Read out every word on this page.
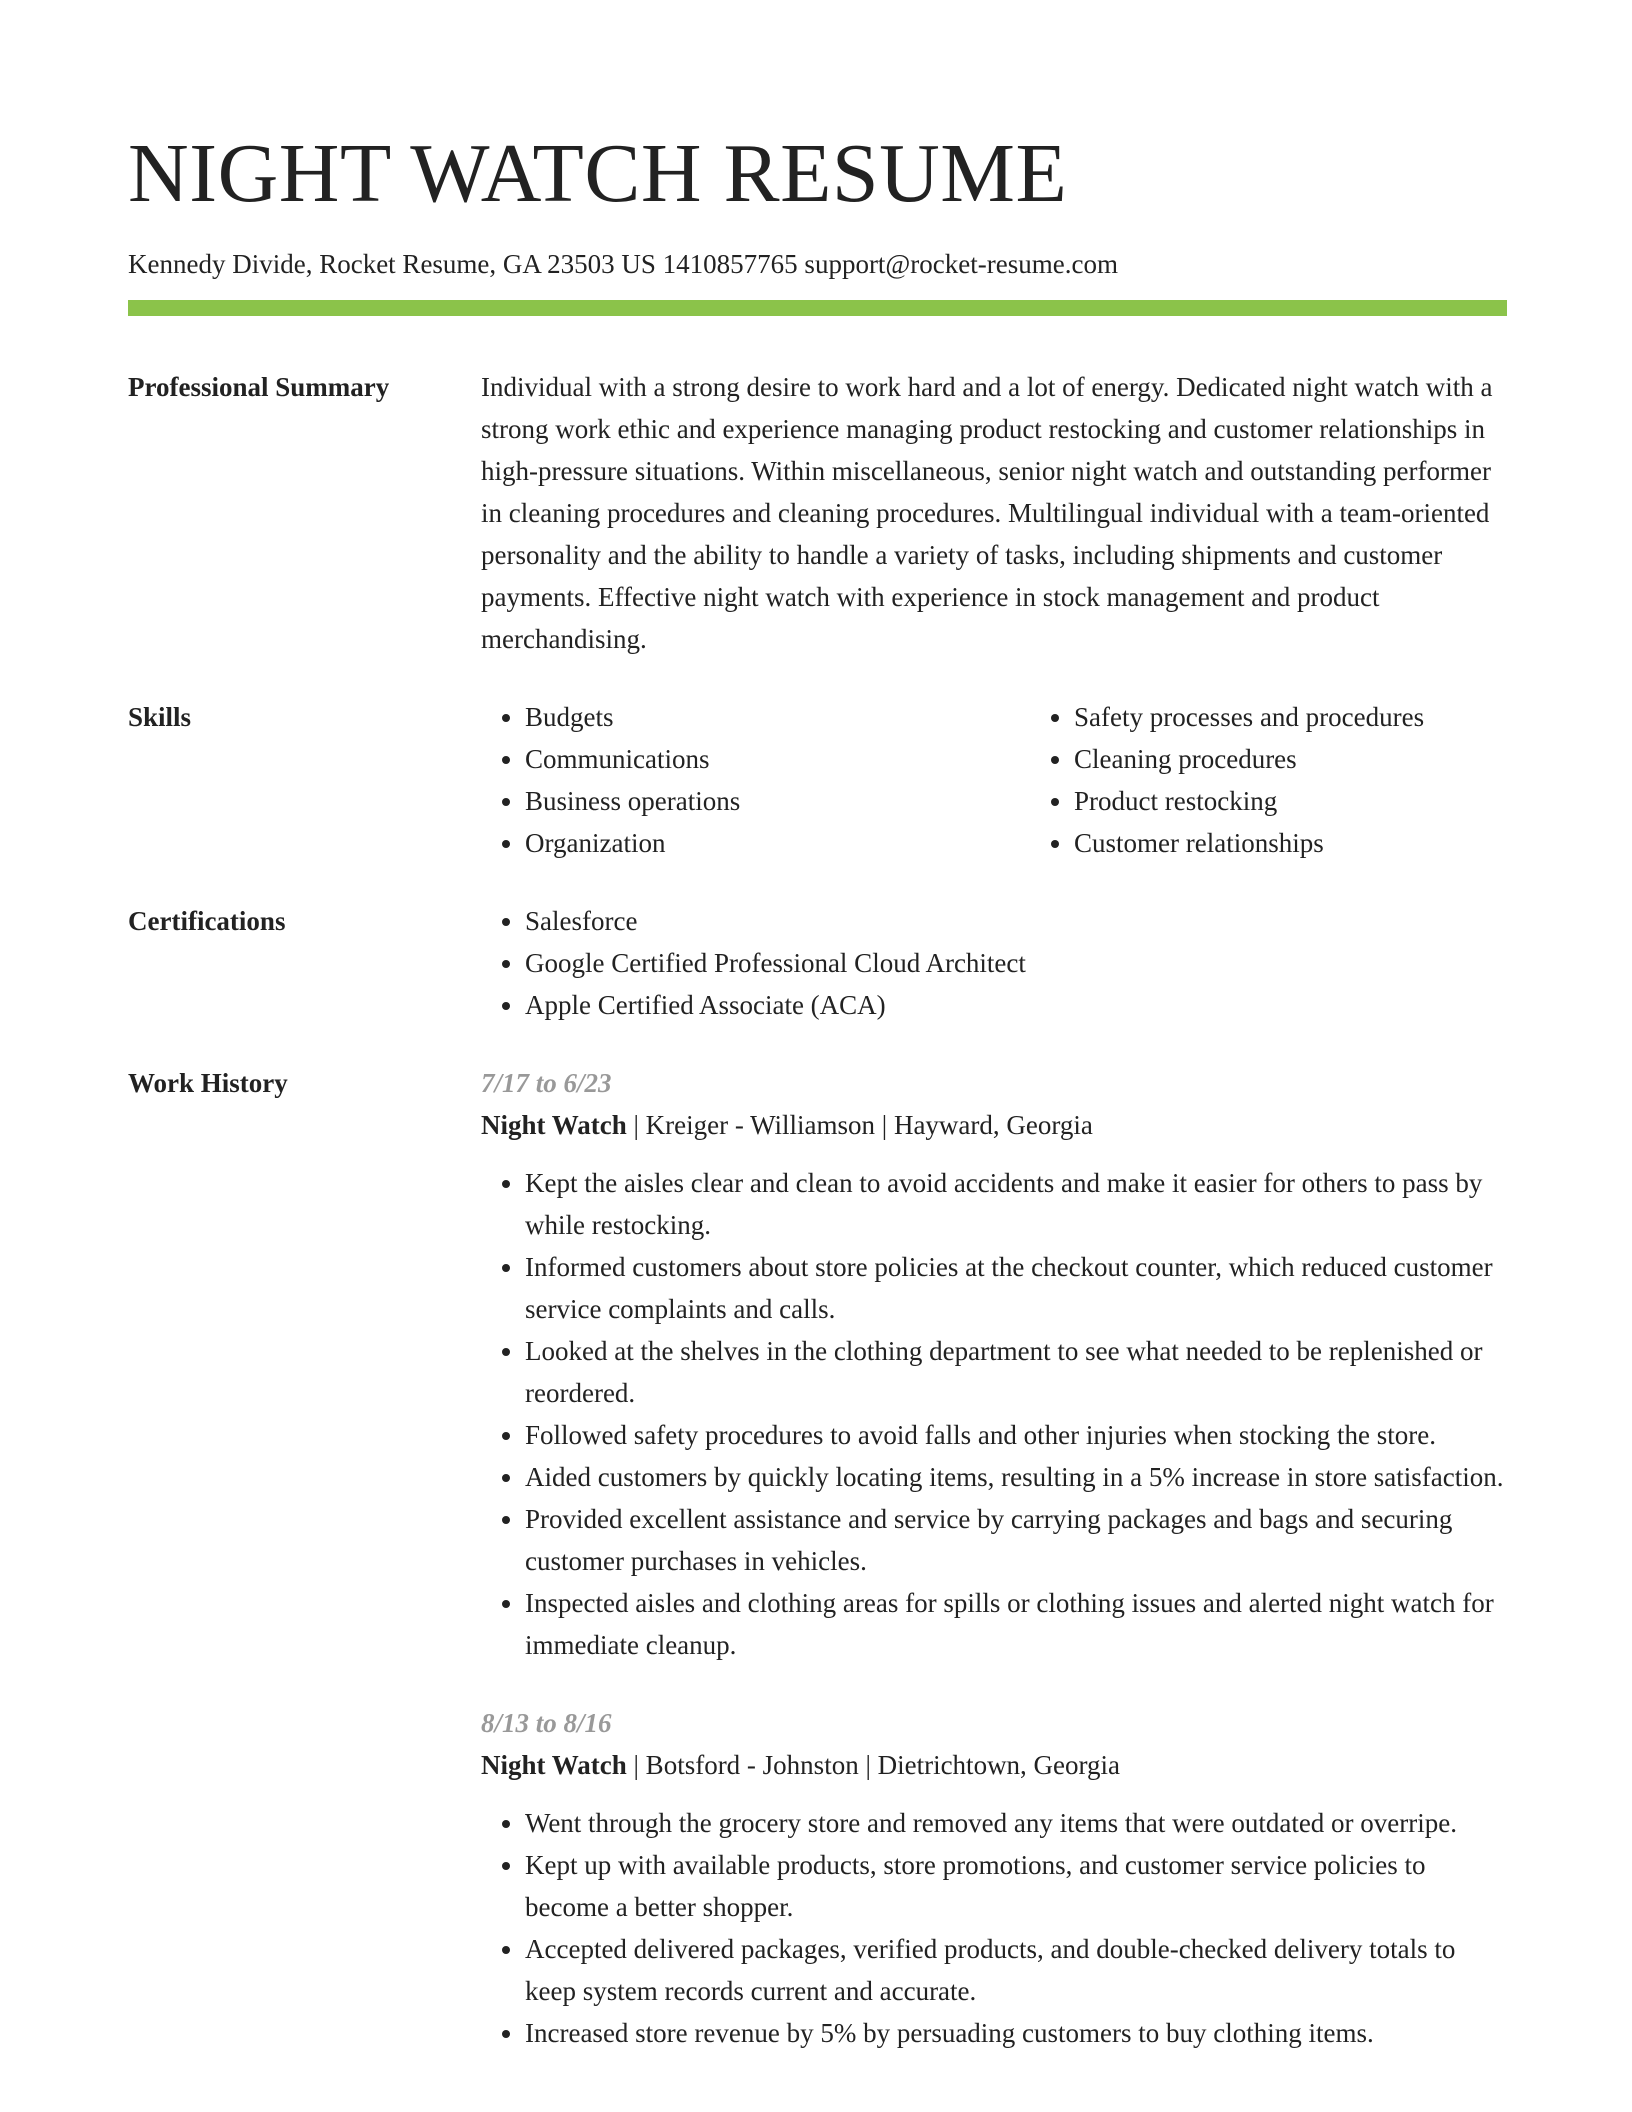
NIGHT WATCH RESUME
Kennedy Divide, Rocket Resume, GA 23503 US 1410857765 support@rocket-resume.com
Professional Summary	Individual with a strong desire to work hard and a lot of energy. Dedicated night watch with a strong work ethic and experience managing product restocking and customer relationships in high-pressure situations. Within miscellaneous, senior night watch and outstanding performer in cleaning procedures and cleaning procedures. Multilingual individual with a team-oriented personality and the ability to handle a variety of tasks, including shipments and customer payments. Effective night watch with experience in stock management and product merchandising.

Skills	• Budgets
• Communications
• Business operations
• Organization
• Safety processes and procedures
• Cleaning procedures
• Product restocking
• Customer relationships
Certifications	• Salesforce
• Google Certified Professional Cloud Architect
• Apple Certified Associate (ACA)
Work History	7/17 to 6/23
Night Watch | Kreiger - Williamson | Hayward, Georgia
• Kept the aisles clear and clean to avoid accidents and make it easier for others to pass by while restocking.
• Informed customers about store policies at the checkout counter, which reduced customer service complaints and calls.
• Looked at the shelves in the clothing department to see what needed to be replenished or reordered.
• Followed safety procedures to avoid falls and other injuries when stocking the store.
• Aided customers by quickly locating items, resulting in a 5% increase in store satisfaction.
• Provided excellent assistance and service by carrying packages and bags and securing customer purchases in vehicles.
• Inspected aisles and clothing areas for spills or clothing issues and alerted night watch for immediate cleanup.
8/13 to 8/16
Night Watch | Botsford - Johnston | Dietrichtown, Georgia
• Went through the grocery store and removed any items that were outdated or overripe.
• Kept up with available products, store promotions, and customer service policies to become a better shopper.
• Accepted delivered packages, verified products, and double-checked delivery totals to keep system records current and accurate.
• Increased store revenue by 5% by persuading customers to buy clothing items.
